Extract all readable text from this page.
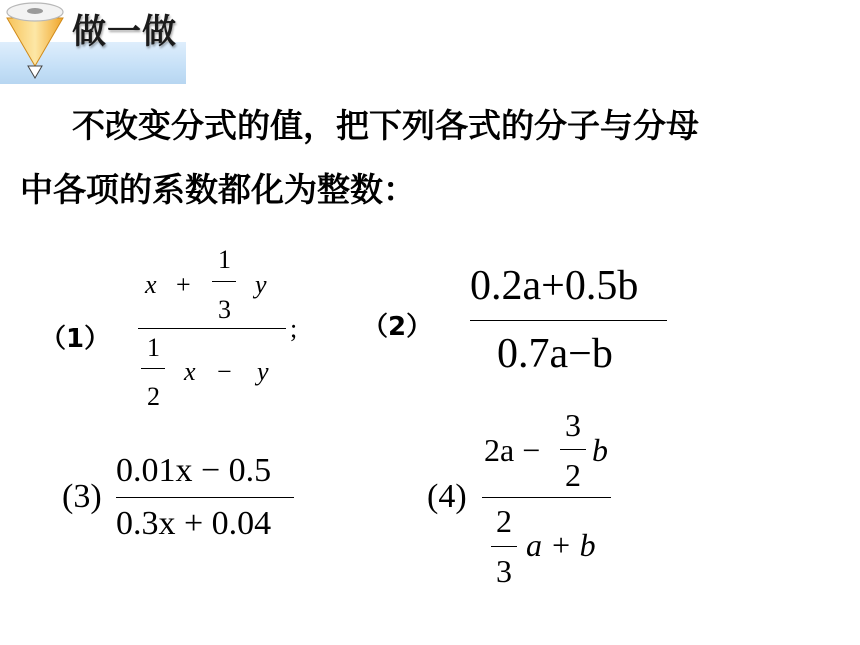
做一做
不改变分式的值，把下列各式的分子与分母
中各项的系数都化为整数：
（1）
x +
1
3
y
;
1
2
x − y
（2）
0.2a+0.5b
0.7a−b
(3)
0.01x − 0.5
0.3x + 0.04
(4)
2a −
3
2
b
2
3
a + b
